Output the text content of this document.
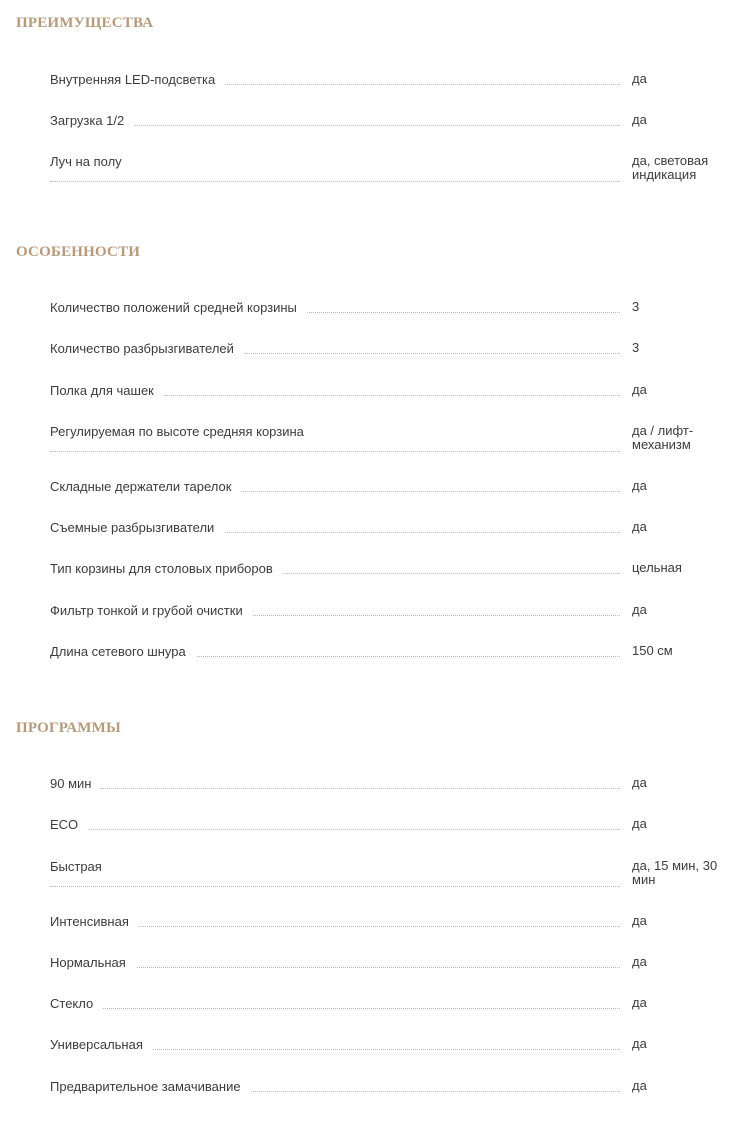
ПРЕИМУЩЕСТВА
Внутренняя LED-подсветка	да
Загрузка 1/2	да
Луч на полу	да, световая индикация
ОСОБЕННОСТИ
Количество положений средней корзины	3
Количество разбрызгивателей	3
Полка для чашек	да
Регулируемая по высоте средняя корзина	да / лифт-механизм
Складные держатели тарелок	да
Съемные разбрызгиватели	да
Тип корзины для столовых приборов	цельная
Фильтр тонкой и грубой очистки	да
Длина сетевого шнура	150 см
ПРОГРАММЫ
90 мин	да
ECO	да
Быстрая	да, 15 мин, 30 мин
Интенсивная	да
Нормальная	да
Стекло	да
Универсальная	да
Предварительное замачивание	да
